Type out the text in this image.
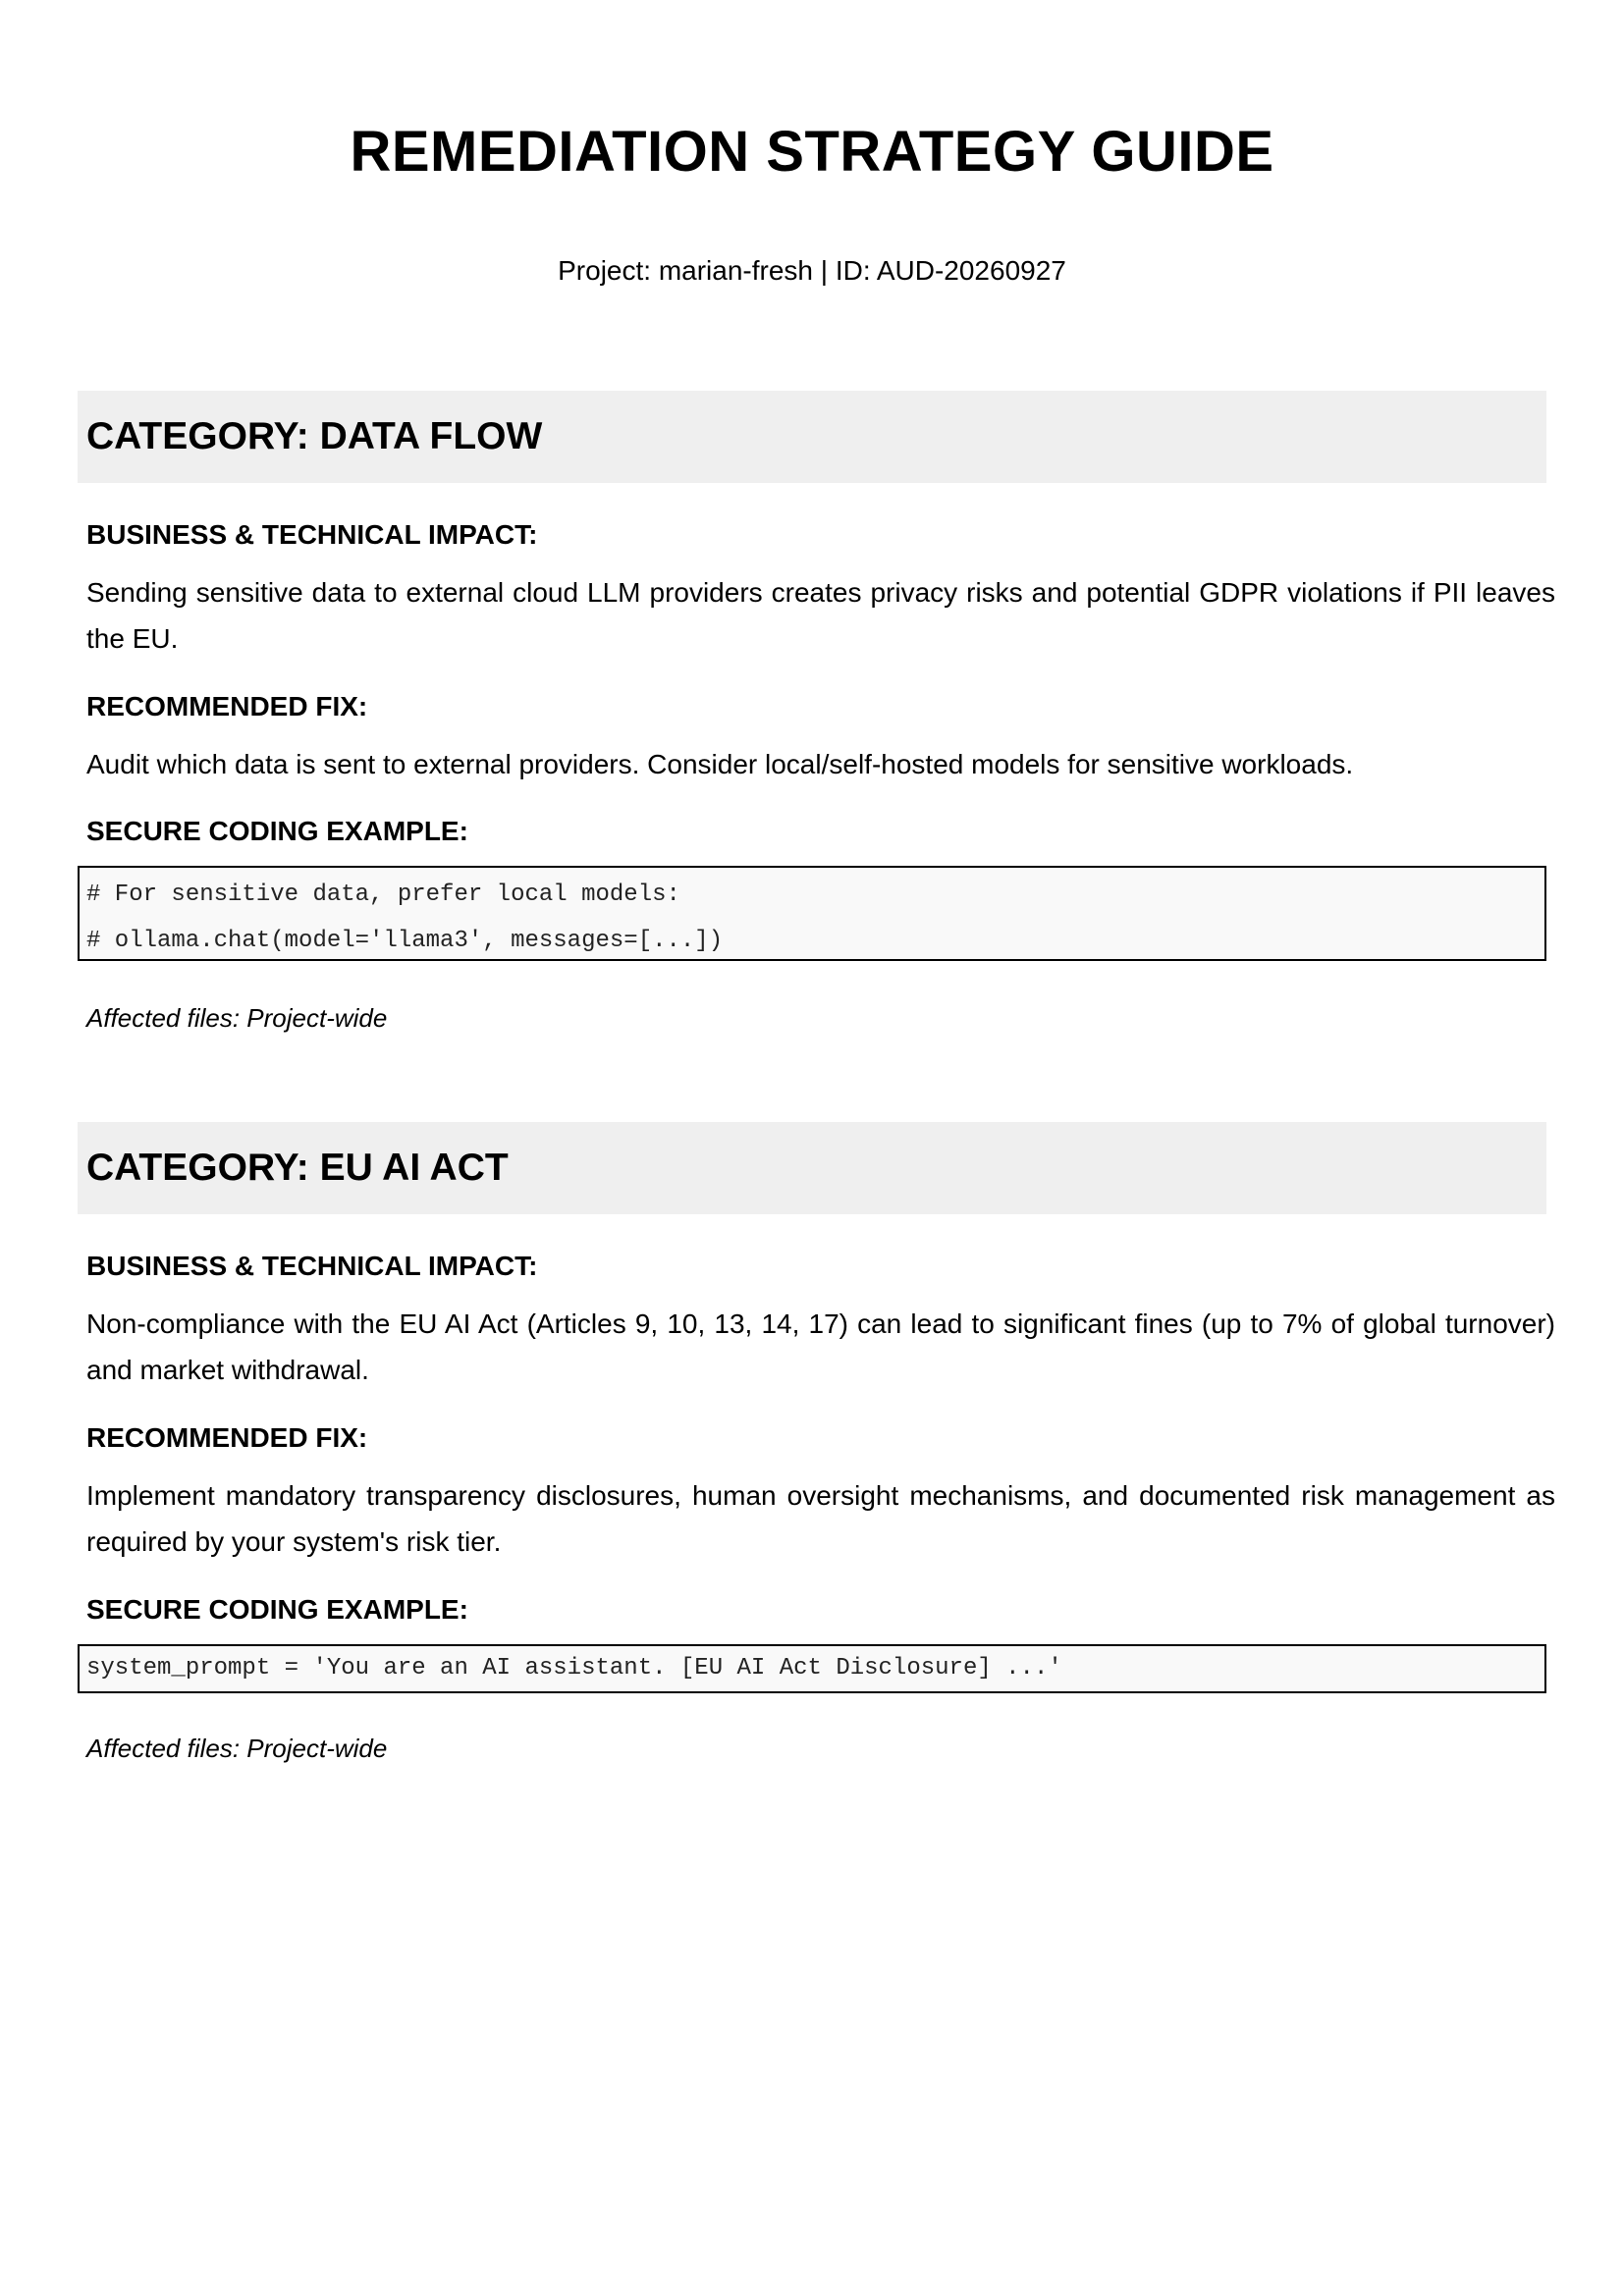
REMEDIATION STRATEGY GUIDE
Project: marian-fresh | ID: AUD-20260927
CATEGORY: DATA FLOW
BUSINESS & TECHNICAL IMPACT:
Sending sensitive data to external cloud LLM providers creates privacy risks and potential GDPR violations if PII leaves the EU.
RECOMMENDED FIX:
Audit which data is sent to external providers. Consider local/self-hosted models for sensitive workloads.
SECURE CODING EXAMPLE:
# For sensitive data, prefer local models:
# ollama.chat(model='llama3', messages=[...])
Affected files: Project-wide
CATEGORY: EU AI ACT
BUSINESS & TECHNICAL IMPACT:
Non-compliance with the EU AI Act (Articles 9, 10, 13, 14, 17) can lead to significant fines (up to 7% of global turnover) and market withdrawal.
RECOMMENDED FIX:
Implement mandatory transparency disclosures, human oversight mechanisms, and documented risk management as required by your system's risk tier.
SECURE CODING EXAMPLE:
system_prompt = 'You are an AI assistant. [EU AI Act Disclosure] ...'
Affected files: Project-wide
